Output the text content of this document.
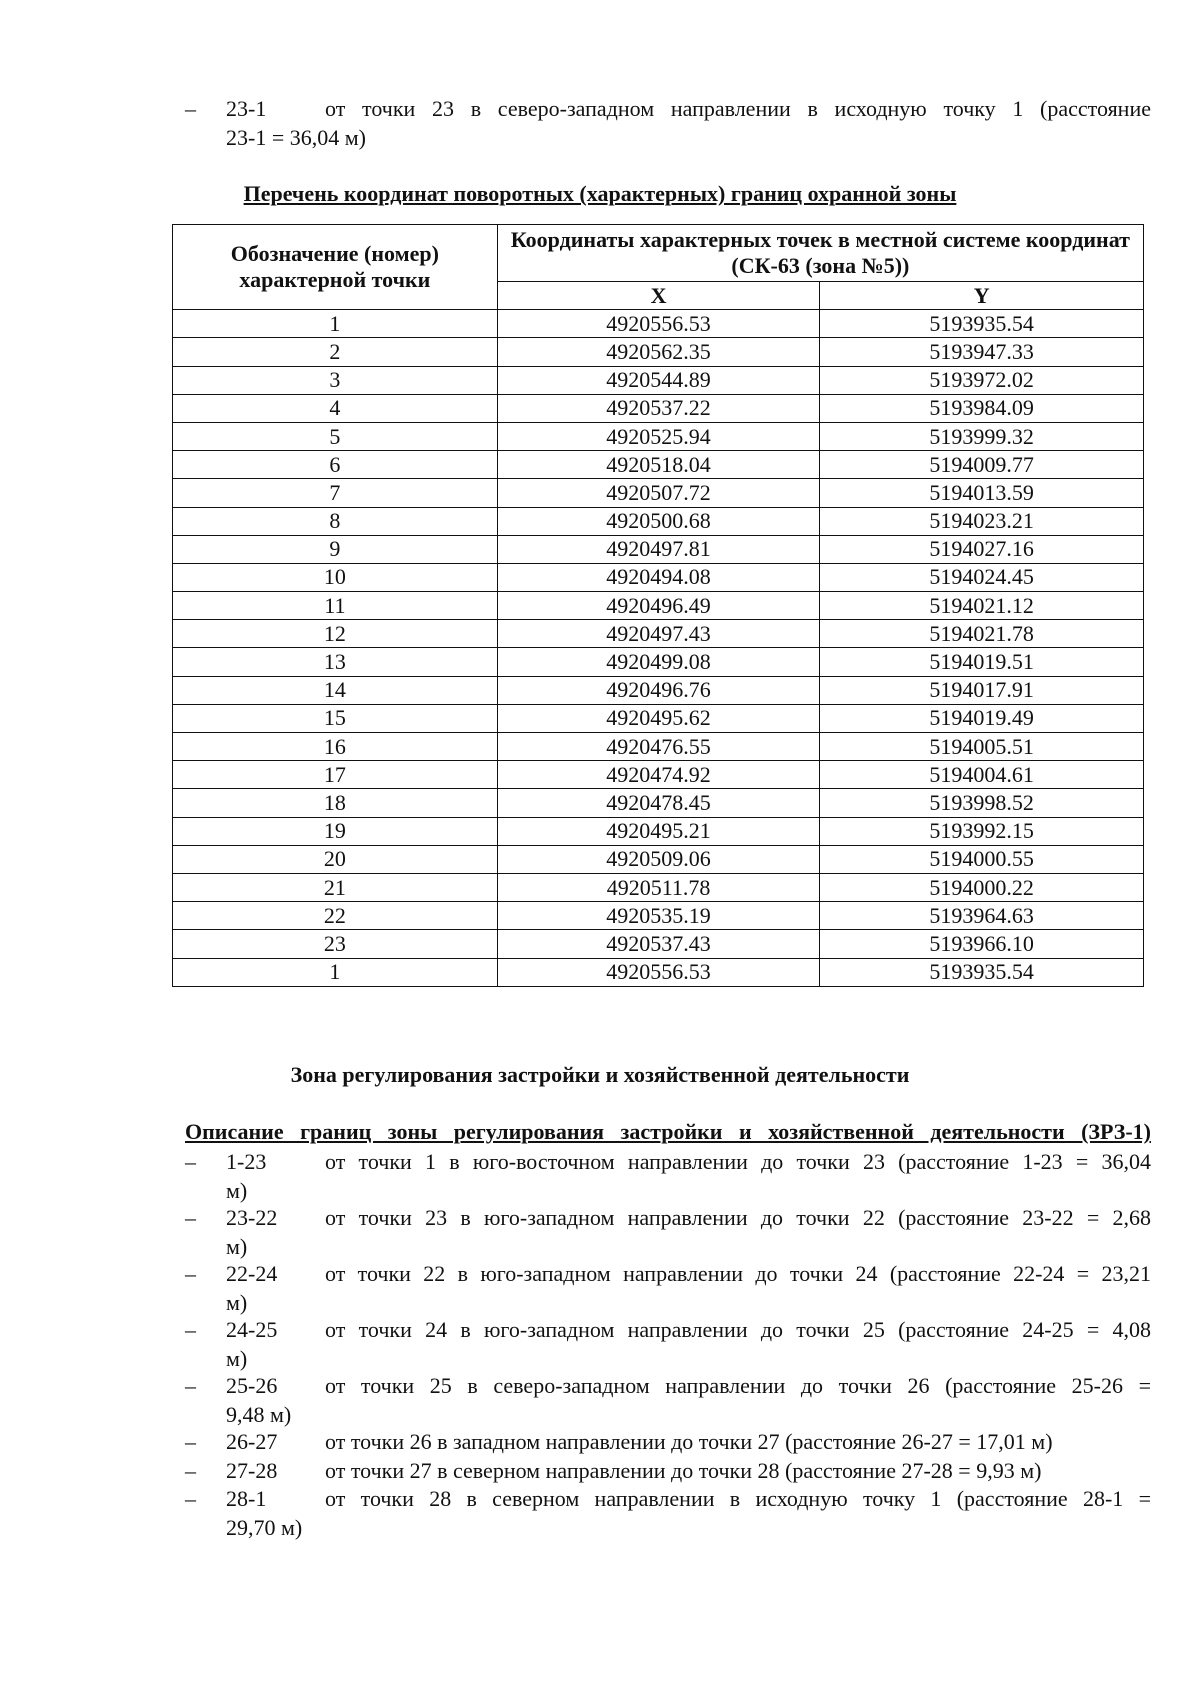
– 23-1	от точки 23 в северо-западном направлении в исходную точку 1 (расстояние
23-1 = 36,04 м)
Перечень координат поворотных (характерных) границ охранной зоны
Обозначение (номер) характерной точки	Координаты характерных точек в местной системе координат (СК-63 (зона №5))	
	X	Y
1	4920556.53	5193935.54
2	4920562.35	5193947.33
3	4920544.89	5193972.02
4	4920537.22	5193984.09
5	4920525.94	5193999.32
6	4920518.04	5194009.77
7	4920507.72	5194013.59
8	4920500.68	5194023.21
9	4920497.81	5194027.16
10	4920494.08	5194024.45
11	4920496.49	5194021.12
12	4920497.43	5194021.78
13	4920499.08	5194019.51
14	4920496.76	5194017.91
15	4920495.62	5194019.49
16	4920476.55	5194005.51
17	4920474.92	5194004.61
18	4920478.45	5193998.52
19	4920495.21	5193992.15
20	4920509.06	5194000.55
21	4920511.78	5194000.22
22	4920535.19	5193964.63
23	4920537.43	5193966.10
1	4920556.53	5193935.54
Зона регулирования застройки и хозяйственной деятельности
Описание границ зоны регулирования застройки и хозяйственной деятельности (ЗРЗ-1)
– 1-23	от точки 1 в юго-восточном направлении до точки 23 (расстояние 1-23 = 36,04
м)
– 23-22 от точки 23 в юго-западном направлении до точки 22 (расстояние 23-22 = 2,68
м)
– 22-24 от точки 22 в юго-западном направлении до точки 24 (расстояние 22-24 = 23,21
м)
– 24-25 от точки 24 в юго-западном направлении до точки 25 (расстояние 24-25 = 4,08
м)
– 25-26 от точки 25 в северо-западном направлении до точки 26 (расстояние 25-26 =
9,48 м)
– 26-27 от точки 26 в западном направлении до точки 27 (расстояние 26-27 = 17,01 м)
– 27-28 от точки 27 в северном направлении до точки 28 (расстояние 27-28 = 9,93 м)
– 28-1	от точки 28 в северном направлении в исходную точку 1 (расстояние 28-1 =
29,70 м)
